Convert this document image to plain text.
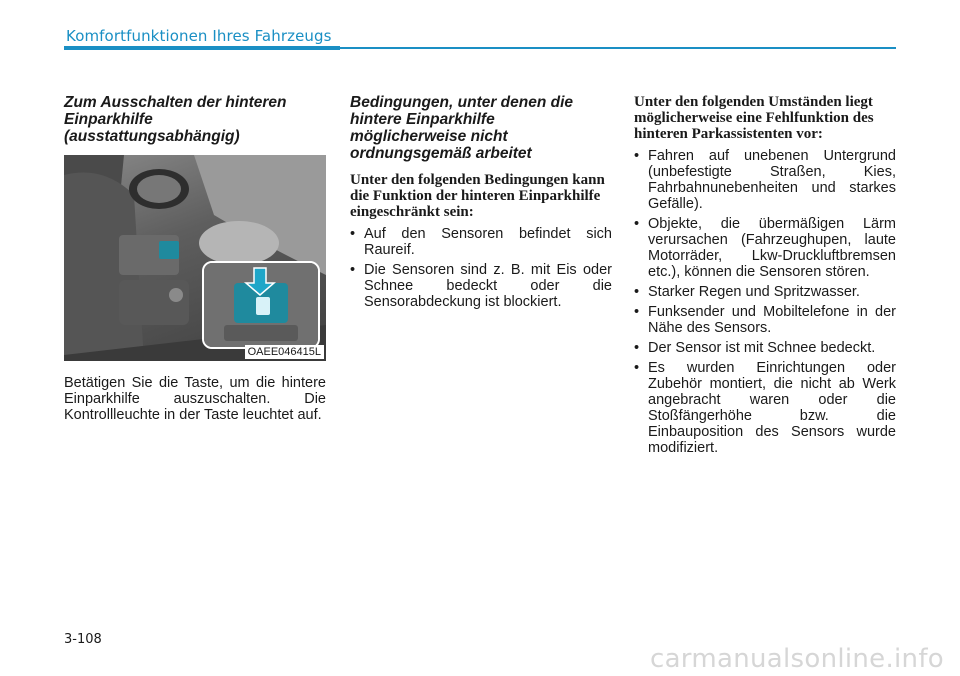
Komfortfunktionen Ihres Fahrzeugs

Zum Ausschalten der hinteren Einparkhilfe (ausstattungsabhängig)

OAEE046415L

Betätigen Sie die Taste, um die hintere Einparkhilfe auszuschalten. Die Kontrollleuchte in der Taste leuchtet auf.

Bedingungen, unter denen die hintere Einparkhilfe möglicherweise nicht ordnungsgemäß arbeitet

Unter den folgenden Bedingungen kann die Funktion der hinteren Einparkhilfe eingeschränkt sein:

• Auf den Sensoren befindet sich Raureif.
• Die Sensoren sind z. B. mit Eis oder Schnee bedeckt oder die Sensorabdeckung ist blockiert.

Unter den folgenden Umständen liegt möglicherweise eine Fehlfunktion des hinteren Parkassistenten vor:

• Fahren auf unebenen Untergrund (unbefestigte Straßen, Kies, Fahrbahnunebenheiten und starkes Gefälle).
• Objekte, die übermäßigen Lärm verursachen (Fahrzeughupen, laute Motorräder, Lkw-Druckluftbremsen etc.), können die Sensoren stören.
• Starker Regen und Spritzwasser.
• Funksender und Mobiltelefone in der Nähe des Sensors.
• Der Sensor ist mit Schnee bedeckt.
• Es wurden Einrichtungen oder Zubehör montiert, die nicht ab Werk angebracht waren oder die Stoßfängerhöhe bzw. die Einbauposition des Sensors wurde modifiziert.
3-108
carmanualsonline.info
